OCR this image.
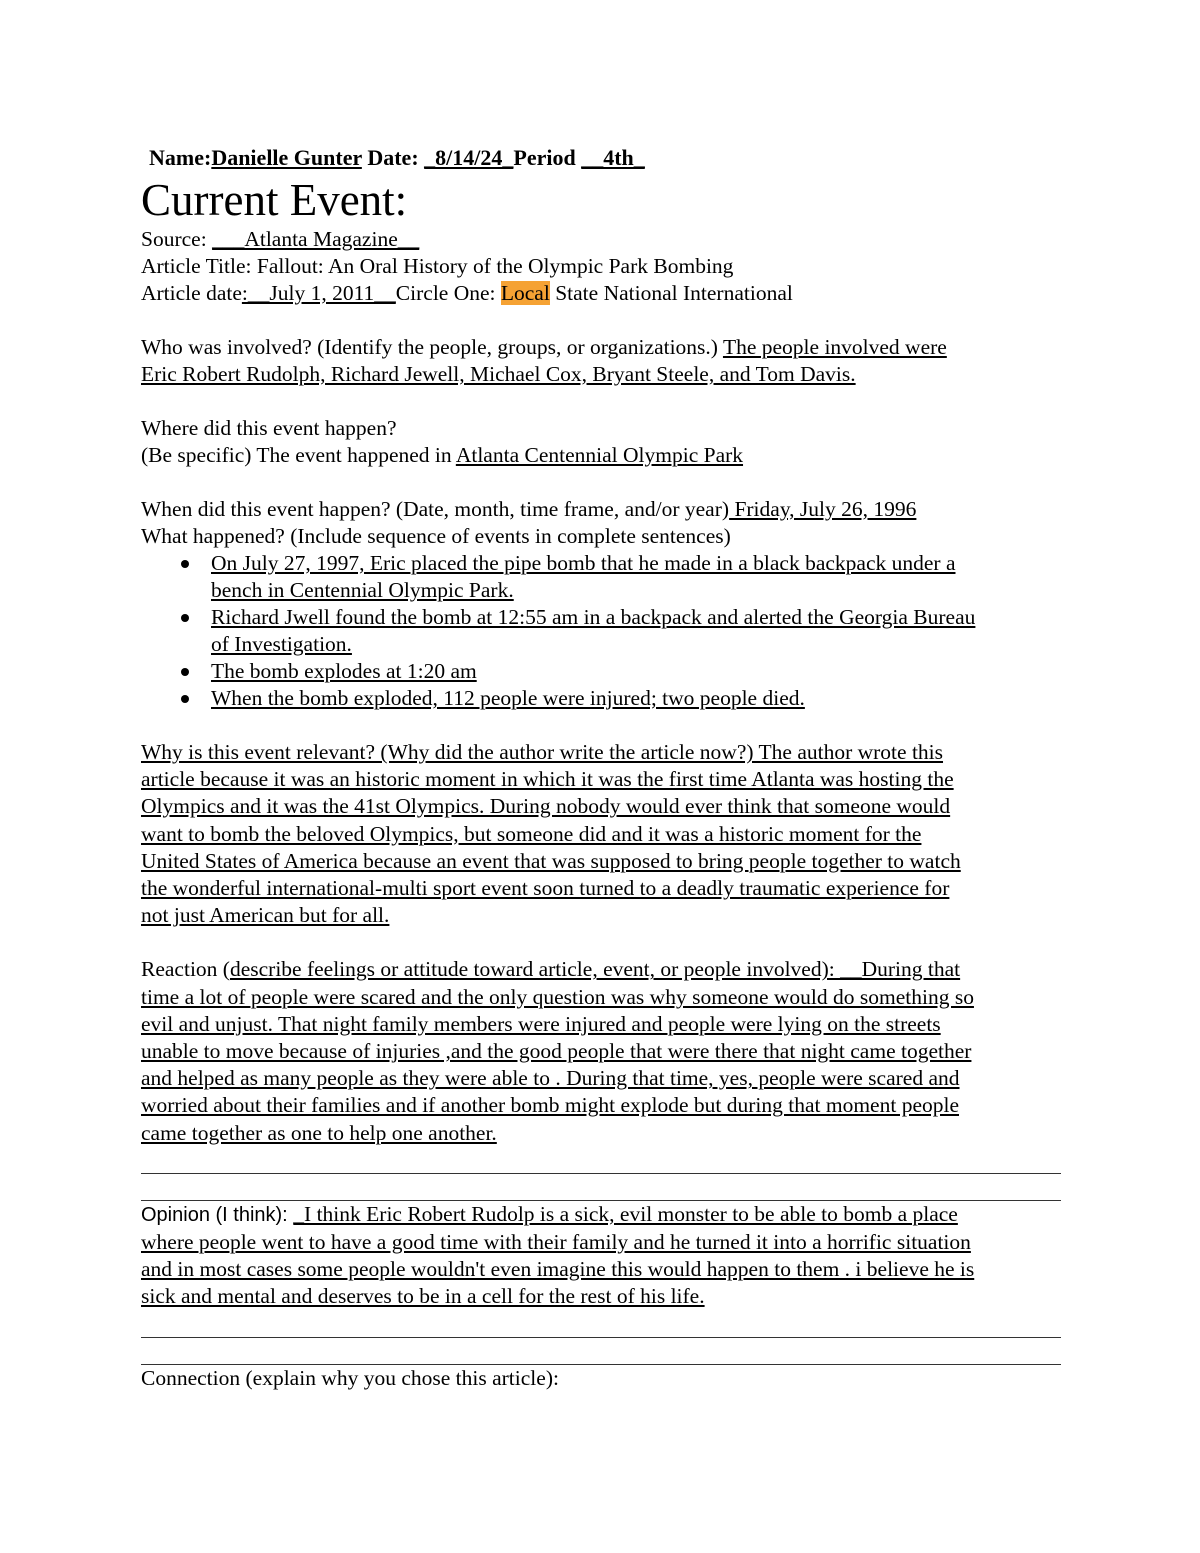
Name:Danielle Gunter Date: _8/14/24_Period __4th_
Current Event:
Source: ___Atlanta Magazine__
Article Title: Fallout: An Oral History of the Olympic Park Bombing
Article date:__July 1, 2011__Circle One: Local State National International
Who was involved? (Identify the people, groups, or organizations.) The people involved were
Eric Robert Rudolph, Richard Jewell, Michael Cox, Bryant Steele, and Tom Davis.
Where did this event happen?
(Be specific) The event happened in Atlanta Centennial Olympic Park
When did this event happen? (Date, month, time frame, and/or year) Friday, July 26, 1996
What happened? (Include sequence of events in complete sentences)
On July 27, 1997, Eric placed the pipe bomb that he made in a black backpack under a
bench in Centennial Olympic Park.
Richard Jwell found the bomb at 12:55 am in a backpack and alerted the Georgia Bureau
of Investigation.
The bomb explodes at 1:20 am
When the bomb exploded, 112 people were injured; two people died.
Why is this event relevant? (Why did the author write the article now?) The author wrote this
article because it was an historic moment in which it was the first time Atlanta was hosting the
Olympics and it was the 41st Olympics. During nobody would ever think that someone would
want to bomb the beloved Olympics, but someone did and it was a historic moment for the
United States of America because an event that was supposed to bring people together to watch
the wonderful international-multi sport event soon turned to a deadly traumatic experience for
not just American but for all.
Reaction (describe feelings or attitude toward article, event, or people involved): __During that
time a lot of people were scared and the only question was why someone would do something so
evil and unjust. That night family members were injured and people were lying on the streets
unable to move because of injuries ,and the good people that were there that night came together
and helped as many people as they were able to . During that time, yes, people were scared and
worried about their families and if another bomb might explode but during that moment people
came together as one to help one another.
Opinion (I think): _I think Eric Robert Rudolp is a sick, evil monster to be able to bomb a place
where people went to have a good time with their family and he turned it into a horrific situation
and in most cases some people wouldn't even imagine this would happen to them . i believe he is
sick and mental and deserves to be in a cell for the rest of his life.
Connection (explain why you chose this article):
